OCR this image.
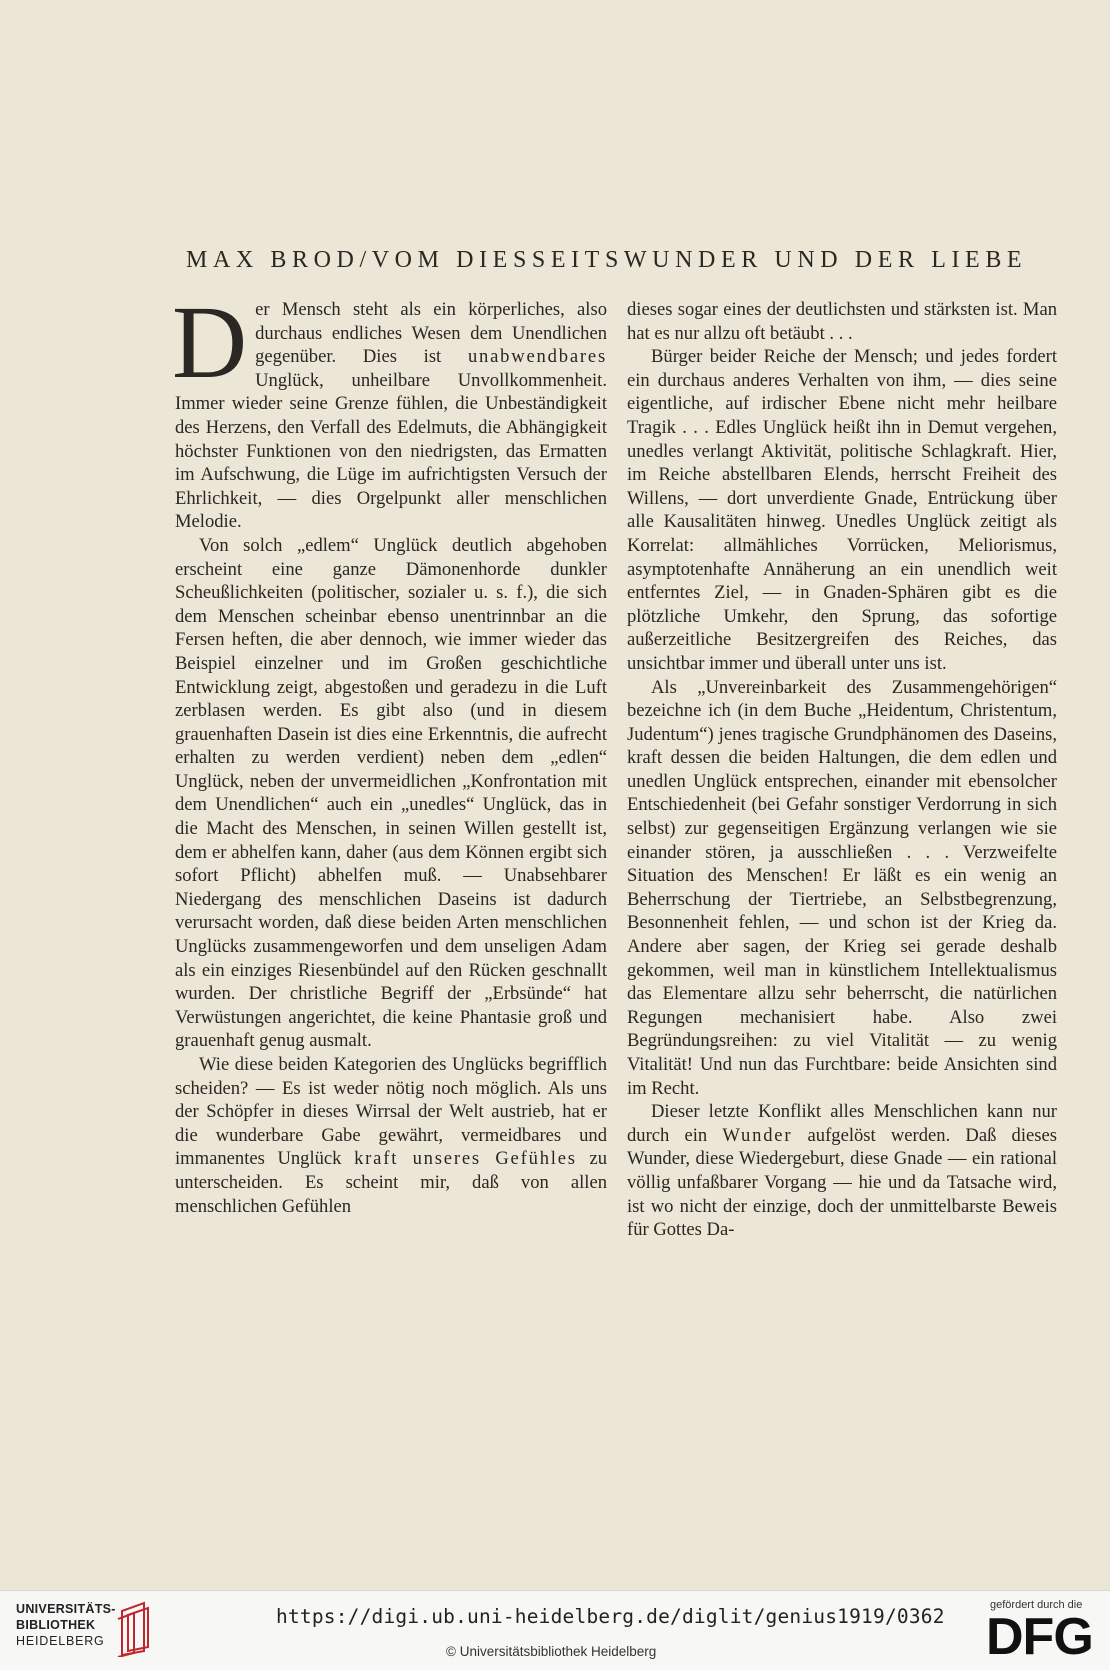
MAX BROD/VOM DIESSEITSWUNDER UND DER LIEBE

Der Mensch steht als ein körperliches, also durchaus endliches Wesen dem Unendlichen gegenüber. Dies ist unabwendbares Unglück, unheilbare Unvollkommenheit. Immer wieder seine Grenze fühlen, die Unbeständigkeit des Herzens, den Verfall des Edelmuts, die Abhängigkeit höchster Funktionen von den niedrigsten, das Ermatten im Aufschwung, die Lüge im aufrichtigsten Versuch der Ehrlichkeit, — dies Orgelpunkt aller menschlichen Melodie.

Von solch „edlem“ Unglück deutlich abgehoben erscheint eine ganze Dämonenhorde dunkler Scheußlichkeiten (politischer, sozialer u. s. f.), die sich dem Menschen scheinbar ebenso unentrinnbar an die Fersen heften, die aber dennoch, wie immer wieder das Beispiel einzelner und im Großen geschichtliche Entwicklung zeigt, abgestoßen und geradezu in die Luft zerblasen werden. Es gibt also (und in diesem grauenhaften Dasein ist dies eine Erkenntnis, die aufrecht erhalten zu werden verdient) neben dem „edlen“ Unglück, neben der unvermeidlichen „Konfrontation mit dem Unendlichen“ auch ein „unedles“ Unglück, das in die Macht des Menschen, in seinen Willen gestellt ist, dem er abhelfen kann, daher (aus dem Können ergibt sich sofort Pflicht) abhelfen muß. — Unabsehbarer Niedergang des menschlichen Daseins ist dadurch verursacht worden, daß diese beiden Arten menschlichen Unglücks zusammengeworfen und dem unseligen Adam als ein einziges Riesenbündel auf den Rücken geschnallt wurden. Der christliche Begriff der „Erbsünde“ hat Verwüstungen angerichtet, die keine Phantasie groß und grauenhaft genug ausmalt.

Wie diese beiden Kategorien des Unglücks begrifflich scheiden? — Es ist weder nötig noch möglich. Als uns der Schöpfer in dieses Wirrsal der Welt austrieb, hat er die wunderbare Gabe gewährt, vermeidbares und immanentes Unglück kraft unseres Gefühles zu unterscheiden. Es scheint mir, daß von allen menschlichen Gefühlen

dieses sogar eines der deutlichsten und stärksten ist. Man hat es nur allzu oft betäubt . . .

Bürger beider Reiche der Mensch; und jedes fordert ein durchaus anderes Verhalten von ihm, — dies seine eigentliche, auf irdischer Ebene nicht mehr heilbare Tragik . . . Edles Unglück heißt ihn in Demut vergehen, unedles verlangt Aktivität, politische Schlagkraft. Hier, im Reiche abstellbaren Elends, herrscht Freiheit des Willens, — dort unverdiente Gnade, Entrückung über alle Kausalitäten hinweg. Unedles Unglück zeitigt als Korrelat: allmähliches Vorrücken, Meliorismus, asymptotenhafte Annäherung an ein unendlich weit entferntes Ziel, — in Gnaden-Sphären gibt es die plötzliche Umkehr, den Sprung, das sofortige außerzeitliche Besitzergreifen des Reiches, das unsichtbar immer und überall unter uns ist.

Als „Unvereinbarkeit des Zusammengehörigen“ bezeichne ich (in dem Buche „Heidentum, Christentum, Judentum“) jenes tragische Grundphänomen des Daseins, kraft dessen die beiden Haltungen, die dem edlen und unedlen Unglück entsprechen, einander mit ebensolcher Entschiedenheit (bei Gefahr sonstiger Verdorrung in sich selbst) zur gegenseitigen Ergänzung verlangen wie sie einander stören, ja ausschließen . . . Verzweifelte Situation des Menschen! Er läßt es ein wenig an Beherrschung der Tiertriebe, an Selbstbegrenzung, Besonnenheit fehlen, — und schon ist der Krieg da. Andere aber sagen, der Krieg sei gerade deshalb gekommen, weil man in künstlichem Intellektualismus das Elementare allzu sehr beherrscht, die natürlichen Regungen mechanisiert habe. Also zwei Begründungsreihen: zu viel Vitalität — zu wenig Vitalität! Und nun das Furchtbare: beide Ansichten sind im Recht.

Dieser letzte Konflikt alles Menschlichen kann nur durch ein Wunder aufgelöst werden. Daß dieses Wunder, diese Wiedergeburt, diese Gnade — ein rational völlig unfaßbarer Vorgang — hie und da Tatsache wird, ist wo nicht der einzige, doch der unmittelbarste Beweis für Gottes Da-

UNIVERSITÄTS-
BIBLIOTHEK
HEIDELBERG
https://digi.ub.uni-heidelberg.de/diglit/genius1919/0362
© Universitätsbibliothek Heidelberg
gefördert durch die
DFG
